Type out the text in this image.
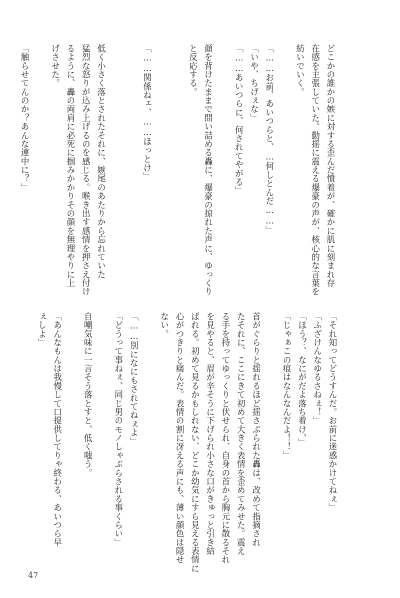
どこかの誰かの嫉に対する歪んだ憤着が、確かに肌に刻まれ存
在感を主張していた。動揺に震える爆豪の声が、核心的な言葉を
紡いでいく。

「……お前、あいつらと、…何しとんだ……」
「いや、ちげぇな」
「……あいつらに、何されてやがる」

顔を背けたままで問い詰める轟に、爆豪の掠れた声に、ゆっくり
と反応する。

「……関係ねェ、……ほっとけ」

低く小さく落とされたそれに、嫉尾のあたりから忘れていた
猛烈な怒りが込み上げるのを感じる。喉き出す感情を押さえ付け
るように、轟の両肩に必死に掴みかかりその顔を無理やりに上
げさせた。

「触らせてんのか？あんな連中に？」
「それ知ってどうすんだ。お前に迷惑かけてねぇ」
「ふざけんなゆるさねぇ！」
「ほう？、なにがだよ落ち着け、」
「じゃぁこの痕はなんなんだよ！！」

首がぐらりと揺れるほど揺さぶられた轟は、改めて指摘され
たそれに、ここにきて初めて大きく表情を歪めてみせた。震え
る手を持ってゆっくりと伏せられ、自身の首から胸元に散るそれ
を見やると、眉が辛そうに下げられ小さな口がきゅっと引き結
ばれる。初めて見るかもしれない、どこか幼気にすら見える表情に
心がつきりと痛んだ。表情の割に冴える声にも、薄い顔色は隠せ
ない。

「……別になにもされてねぇよ」
「どうって事ねぇ、同じ男のモノしゃぶらされる事くらい」

自嘲気味に一言そう落とすと、低く嗤う。

「あんなもんは我慢して口提供してりゃ終わる、あいつら早
ぇしよ」
47
